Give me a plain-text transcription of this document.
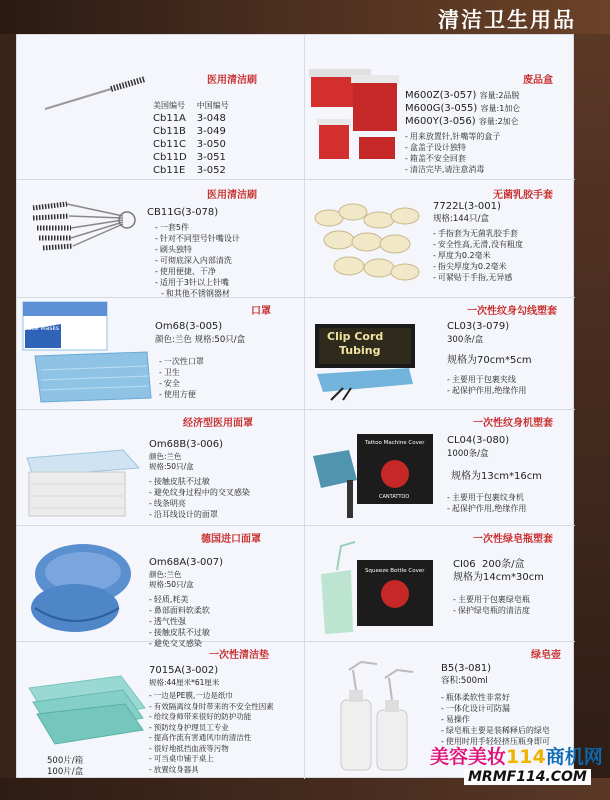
清洁卫生用品
医用清洁刷
美国编号	中国编号
Cb11A	3-048
Cb11B	3-049
Cb11C	3-050
Cb11D	3-051
Cb11E	3-052
废品盒
M600Z(3-057) 容量:2品脱
M600G(3-055) 容量:1加仑
M600Y(3-056) 容量:2加仑
- 用来放置针,针嘴等的盒子
- 盒盖子设计独特
- 箱盖不安全回套
- 清洁完毕,请注意消毒
医用清洁刷
CB11G(3-078)
- 一套5件
- 针对不同型号针嘴设计
- 刷头独特
- 可彻底深入内部清洗
- 使用便捷、干净
- 适用于3针以上针嘴
- 和其他不锈钢器材
无菌乳胶手套
7722L(3-001)
规格:144只/盒
- 手指套为无菌乳胶手套
- 安全性高,无滑,没有粗度
- 厚度为0.2毫米
- 指尖厚度为0.2毫米
- 可紧贴于手指,无异感
口罩
Procedure Face Masks	Om68(3-005)
颜色:兰色 规格:50只/盒
- 一次性口罩
- 卫生
- 安全
- 使用方便
一次性纹身勾线塑套
Clip Cord
Tubing
CL03(3-079)
300条/盒
规格为70cm*5cm
- 主要用于包裹夹线
- 起保护作用,绝缘作用
经济型医用面罩
Om68B(3-006)
颜色:兰色
规格:50只/盒
- 接触皮肤不过敏
- 避免纹身过程中的交叉感染
- 线条明亮
- 沿耳线设计的面罩
一次性纹身机塑套
Tattoo Machine Cover
CANTATTOO
CL04(3-080)
1000条/盒
规格为13cm*16cm
- 主要用于包裹纹身机
- 起保护作用,绝缘作用
德国进口面罩
Om68A(3-007)
颜色:兰色
规格:50只/盒
- 轻质,耗美
- 鼻部面料软柔软
- 透气性强
- 接触皮肤不过敏
- 避免交叉感染
一次性绿皂瓶塑套
Squeeze Bottle Cover
CI06 200条/盒
规格为14cm*30cm
- 主要用于包裹绿皂瓶
- 保护绿皂瓶的清洁度
一次性清洁垫
500片/箱
100片/盒
7015A(3-002)
规格:44厘米*61厘米
- 一边是PE膜,一边是纸巾
- 有效隔离纹身时带来的不安全性因素
- 给纹身师带来很好的防护功能
- 预防纹身护理员工专业
- 提高作流有害通风巾的清洁性
- 很好地抵挡血液等污物
- 可当桌巾铺于桌上
- 放置纹身器具
绿皂壶
B5(3-081)
容积:500ml
- 瓶体柔软性非常好
- 一体化设计可防漏
- 易操作
- 绿皂瓶主要是装稀释后的绿皂
- 使用时用手轻轻挤压瓶身即可
美容美妆114商机网
MRMF114.COM
